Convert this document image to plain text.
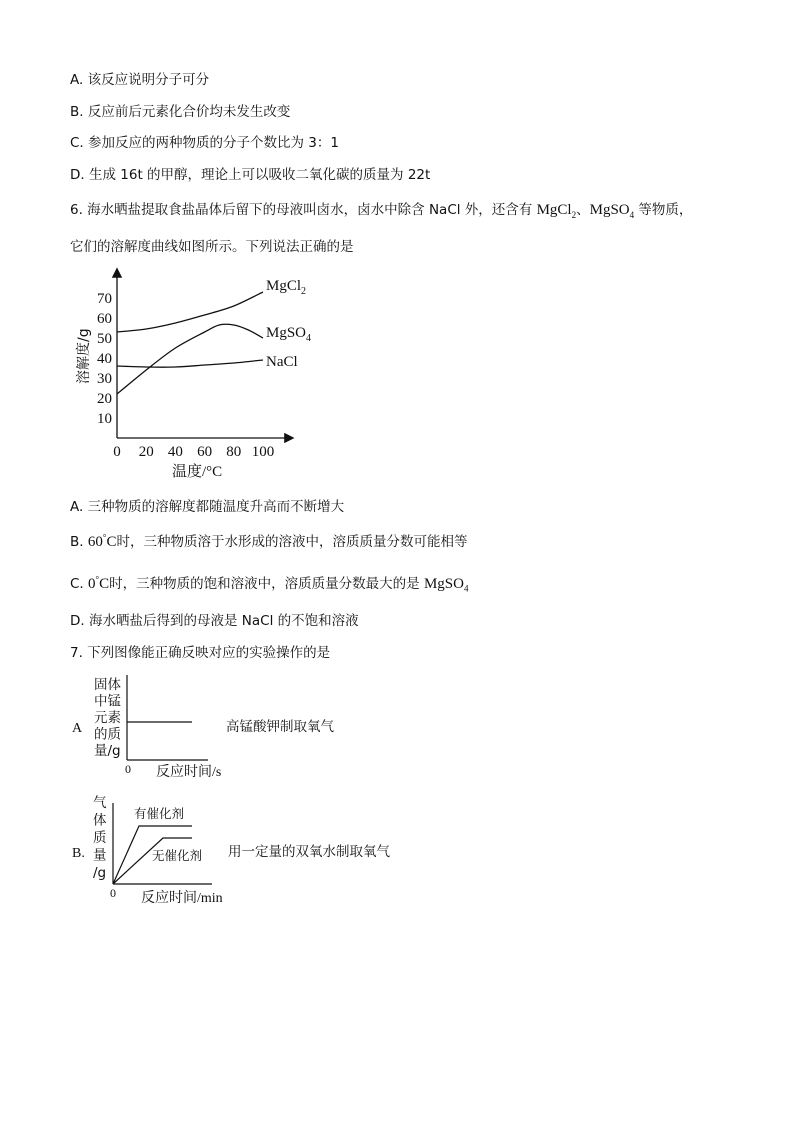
A. 该反应说明分子可分
B. 反应前后元素化合价均未发生改变
C. 参加反应的两种物质的分子个数比为 3：1
D. 生成 16t 的甲醇，理论上可以吸收二氧化碳的质量为 22t
6. 海水晒盐提取食盐晶体后留下的母液叫卤水，卤水中除含 NaCl 外，还含有 MgCl$_2$、MgSO$_4$ 等物质，
它们的溶解度曲线如图所示。下列说法正确的是
10
20
30
40
50
60
70
0 20 40 60 80 100
MgCl$_2$
MgSO$_4$
NaCl
溶解度/g
温度/°C
A. 三种物质的溶解度都随温度升高而不断增大
B. 60°C时，三种物质溶于水形成的溶液中，溶质质量分数可能相等
C. 0°C时，三种物质的饱和溶液中，溶质质量分数最大的是 MgSO$_4$
D. 海水晒盐后得到的母液是 NaCl 的不饱和溶液
7. 下列图像能正确反映对应的实验操作的是
A
固体
中锰
元素
的质
量/g
0 反应时间/s
高锰酸钾制取氧气
B.
气
体
质
量
/g
有催化剂
无催化剂
0 反应时间/min
用一定量的双氧水制取氧气
